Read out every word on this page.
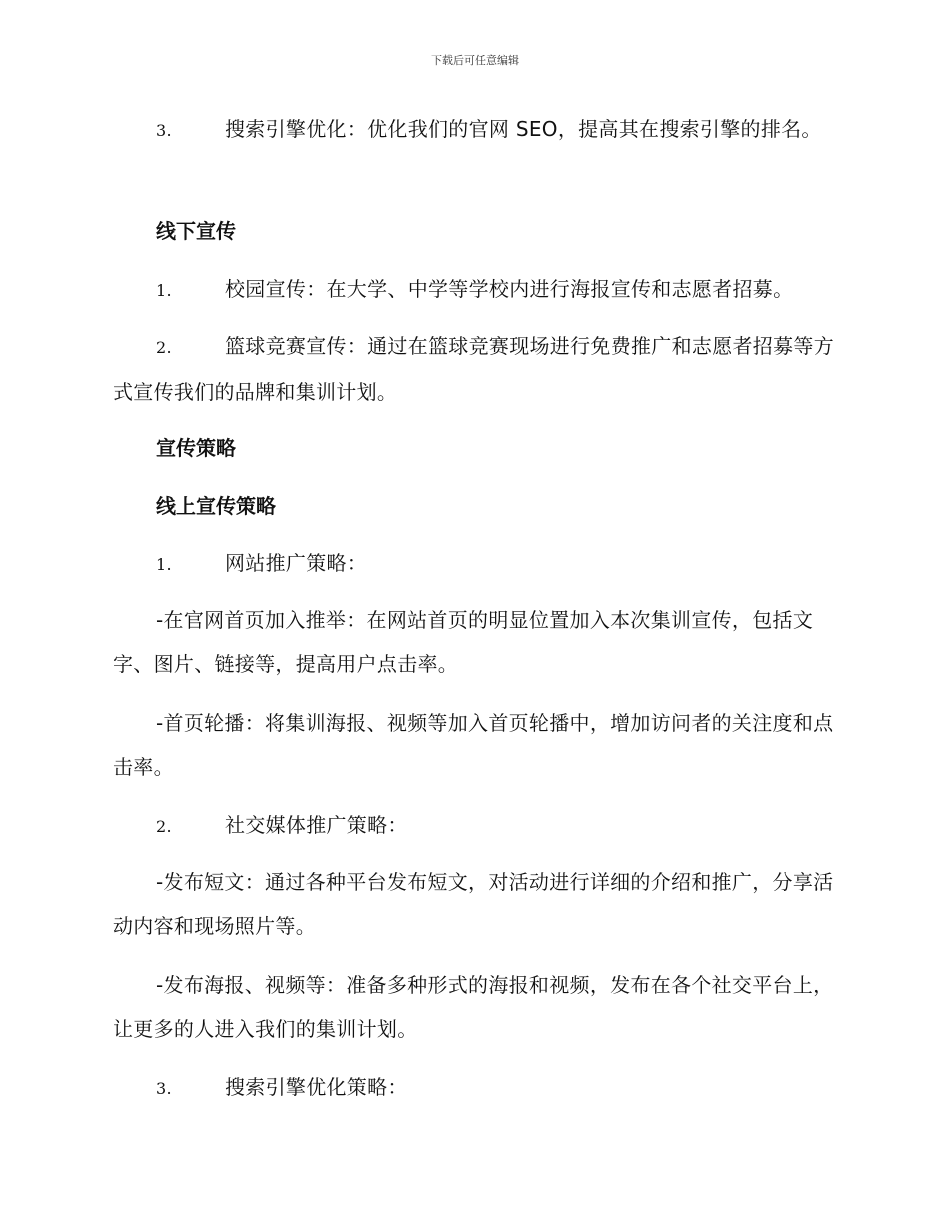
下载后可任意编辑
3.	搜索引擎优化：优化我们的官网 SEO，提高其在搜索引擎的排名。
线下宣传
1.	校园宣传：在大学、中学等学校内进行海报宣传和志愿者招募。
2.	篮球竞赛宣传：通过在篮球竞赛现场进行免费推广和志愿者招募等方式宣传我们的品牌和集训计划。
宣传策略
线上宣传策略
1.	网站推广策略：
-在官网首页加入推举：在网站首页的明显位置加入本次集训宣传，包括文字、图片、链接等，提高用户点击率。
-首页轮播：将集训海报、视频等加入首页轮播中，增加访问者的关注度和点击率。
2.	社交媒体推广策略：
-发布短文：通过各种平台发布短文，对活动进行详细的介绍和推广，分享活动内容和现场照片等。
-发布海报、视频等：准备多种形式的海报和视频，发布在各个社交平台上，让更多的人进入我们的集训计划。
3.	搜索引擎优化策略：
